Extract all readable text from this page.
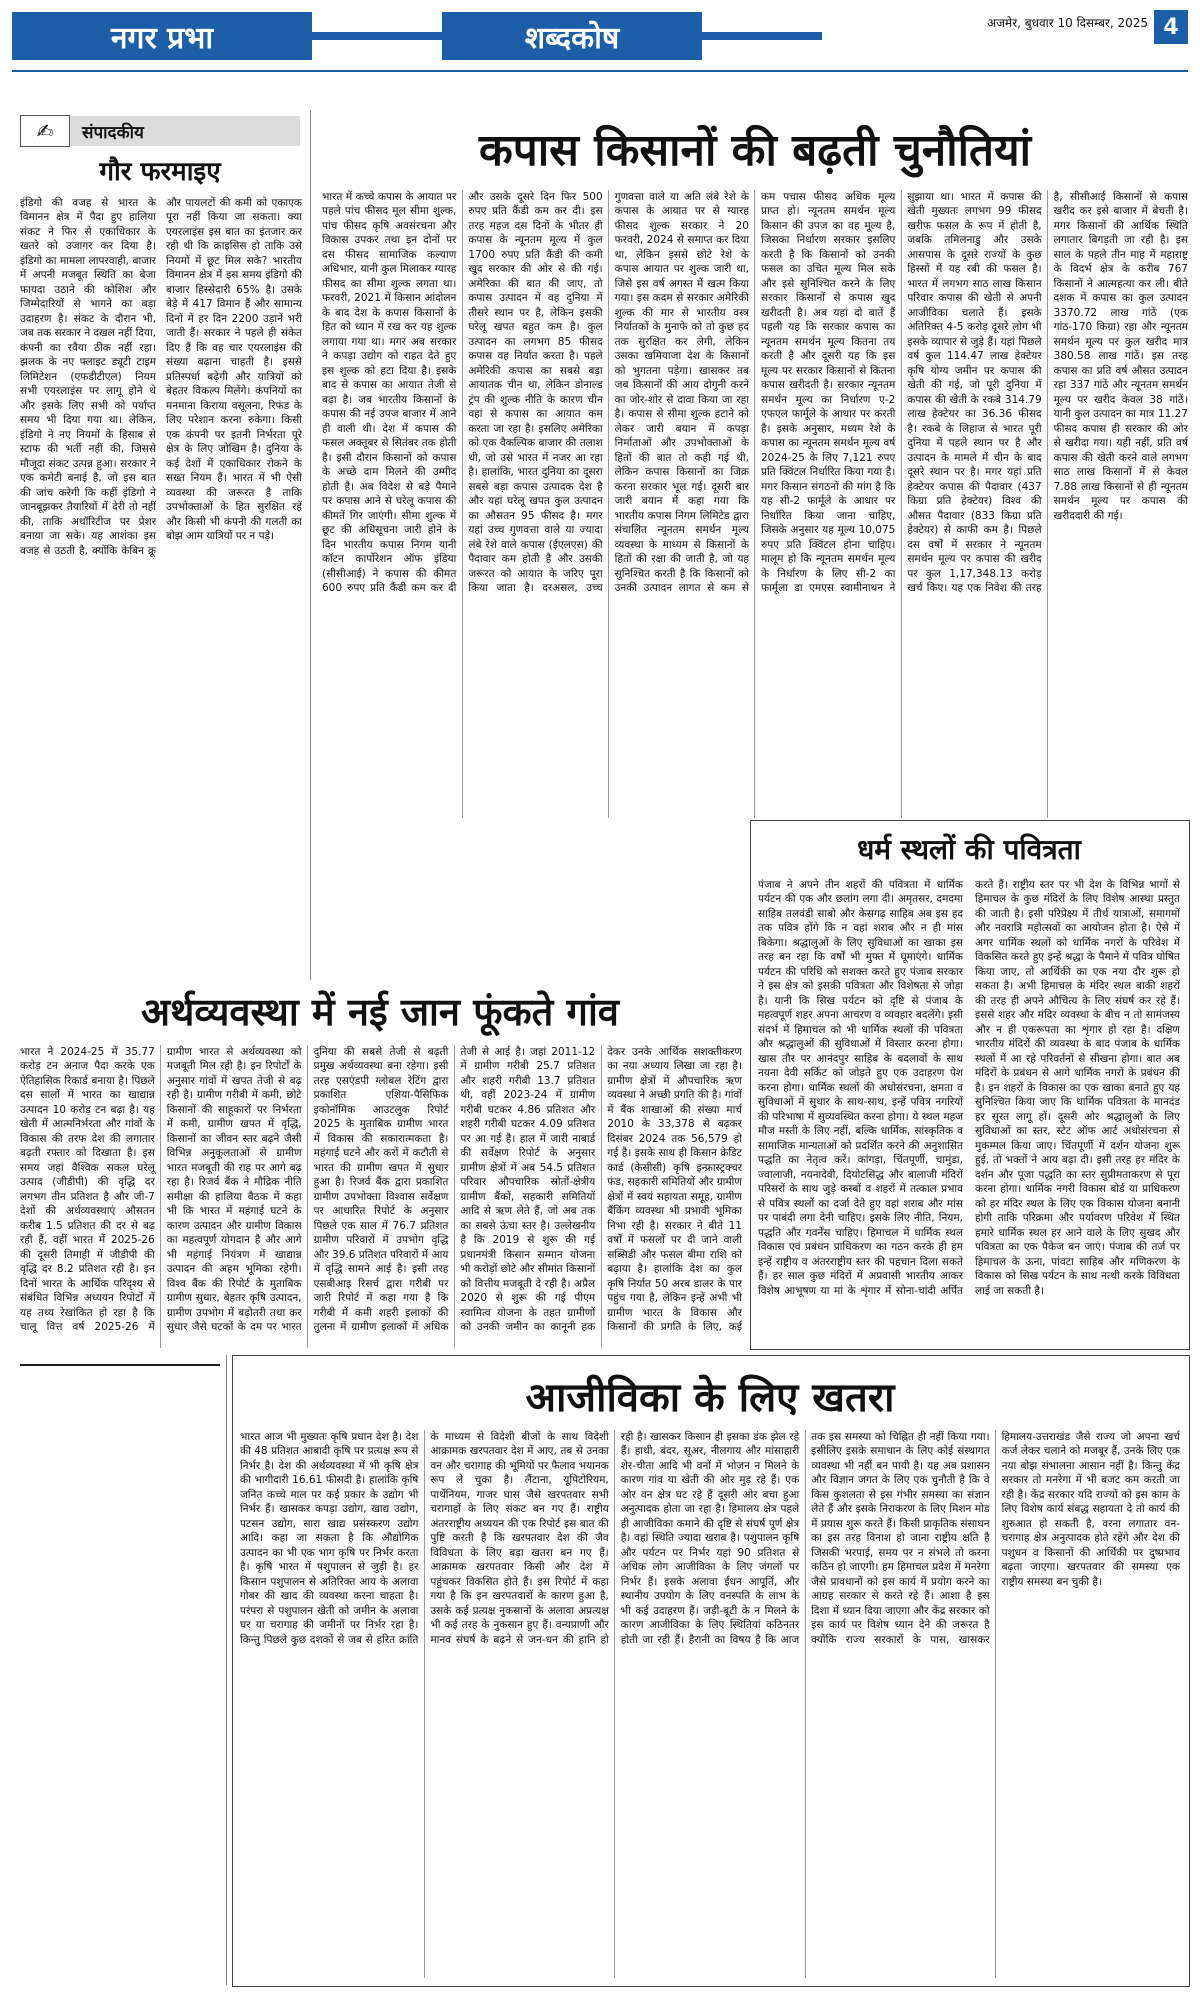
नगर प्रभा	शब्दकोष	अजमेर, बुधवार 10 दिसम्बर, 2025 4
✍	संपादकीय
गौर फरमाइए

इंडिगो की वजह से भारत के विमानन क्षेत्र में पैदा हुए हालिया संकट ने फिर से एकाधिकार के खतरे को उजागर कर दिया है। इंडिगो का मामला लापरवाही, बाजार में अपनी मजबूत स्थिति का बेजा फायदा उठाने की कोशिश और जिम्मेदारियों से भागने का बड़ा उदाहरण है। संकट के दौरान भी, जब तक सरकार ने दखल नहीं दिया, कंपनी का रवैया ठीक नहीं रहा। झलक के नए फ्लाइट ड्यूटी टाइम लिमिटेशन (एफडीटीएल) नियम सभी एयरलाइंस पर लागू होने थे और इसके लिए सभी को पर्याप्त समय भी दिया गया था। लेकिन, इंडिगो ने नए नियमों के हिसाब से स्टाफ की भर्ती नहीं की, जिससे मौजूदा संकट उत्पन्न हुआ। सरकार ने एक कमेटी बनाई है, जो इस बात की जांच करेगी कि कहीं इंडिगो ने जानबूझकर तैयारियों में देरी तो नहीं की, ताकि अथॉरिटीज पर प्रेशर बनाया जा सके। यह आशंका इस वजह से उठती है, क्योंकि केबिन क्रू और पायलटों की कमी को एकाएक पूरा नहीं किया जा सकता। क्या एयरलाइंस इस बात का इंतजार कर रही थी कि क्राइसिस हो ताकि उसे नियमों में छूट मिल सके? भारतीय विमानन क्षेत्र में इस समय इंडिगो की बाजार हिस्सेदारी 65% है। उसके बेड़े में 417 विमान हैं और सामान्य दिनों में हर दिन 2200 उड़ानें भरी जाती हैं। सरकार ने पहले ही संकेत दिए हैं कि वह चार एयरलाइंस की संख्या बढ़ाना चाहती है। इससे प्रतिस्पर्धा बढ़ेगी और यात्रियों को बेहतर विकल्प मिलेंगे। कंपनियों का मनमाना किराया वसूलना, रिफंड के लिए परेशान करना रुकेगा। किसी एक कंपनी पर इतनी निर्भरता पूरे क्षेत्र के लिए जोखिम है। दुनिया के कई देशों में एकाधिकार रोकने के सख्त नियम हैं। भारत में भी ऐसी व्यवस्था की जरूरत है ताकि उपभोक्ताओं के हित सुरक्षित रहें और किसी भी कंपनी की गलती का बोझ आम यात्रियों पर न पड़े।

कपास किसानों की बढ़ती चुनौतियां

भारत में कच्चे कपास के आयात पर पहले पांच फीसद मूल सीमा शुल्क, पांच फीसद कृषि अवसंरचना और विकास उपकर तथा इन दोनों पर दस फीसद सामाजिक कल्याण अधिभार, यानी कुल मिलाकर ग्यारह फीसद का सीमा शुल्क लगता था। फरवरी, 2021 में किसान आंदोलन के बाद देश के कपास किसानों के हित को ध्यान में रख कर यह शुल्क लगाया गया था। मगर अब सरकार ने कपड़ा उद्योग को राहत देते हुए इस शुल्क को हटा दिया है। इसके बाद से कपास का आयात तेजी से बढ़ा है। जब भारतीय किसानों के कपास की नई उपज बाजार में आने ही वाली थी। देश में कपास की फसल अक्तूबर से सितंबर तक होती है। इसी दौरान किसानों को कपास के अच्छे दाम मिलने की उम्मीद होती है। अब विदेश से बड़े पैमाने पर कपास आने से घरेलू कपास की कीमतें गिर जाएंगी। सीमा शुल्क में छूट की अधिसूचना जारी होने के दिन भारतीय कपास निगम यानी कॉटन कार्पोरेशन ऑफ इंडिया (सीसीआई) ने कपास की कीमत 600 रुपए प्रति कैंडी कम कर दी और उसके दूसरे दिन फिर 500 रुपए प्रति कैंडी कम कर दी। इस तरह महज दस दिनों के भीतर ही कपास के न्यूनतम मूल्य में कुल 1700 रुपए प्रति कैंडी की कमी खुद सरकार की ओर से की गई। अमेरिका की बात की जाए, तो कपास उत्पादन में वह दुनिया में तीसरे स्थान पर है, लेकिन इसकी घरेलू खपत बहुत कम है। कुल उत्पादन का लगभग 85 फीसद कपास वह निर्यात करता है। पहले अमेरिकी कपास का सबसे बड़ा आयातक चीन था, लेकिन डोनाल्ड ट्रंप की शुल्क नीति के कारण चीन वहां से कपास का आयात कम करता जा रहा है। इसलिए अमेरिका को एक वैकल्पिक बाजार की तलाश थी, जो उसे भारत में नजर आ रहा है। हालांकि, भारत दुनिया का दूसरा सबसे बड़ा कपास उत्पादक देश है और यहां घरेलू खपत कुल उत्पादन का औसतन 95 फीसद है। मगर यहां उच्च गुणवत्ता वाले या ज्यादा लंबे रेशे वाले कपास (ईएलएस) की पैदावार कम होती है और उसकी जरूरत को आयात के जरिए पूरा किया जाता है। दरअसल, उच्च गुणवत्ता वाले या अति लंबे रेशे के कपास के आयात पर से ग्यारह फीसद शुल्क सरकार ने 20 फरवरी, 2024 से समाप्त कर दिया था, लेकिन इससे छोटे रेशे के कपास आयात पर शुल्क जारी था, जिसे इस वर्ष अगस्त में खत्म किया गया। इस कदम से सरकार अमेरिकी शुल्क की मार से भारतीय वस्त्र निर्यातकों के मुनाफे को तो कुछ हद तक सुरक्षित कर लेगी, लेकिन उसका खमियाजा देश के किसानों को भुगतना पड़ेगा। खासकर तब जब किसानों की आय दोगुनी करने का जोर-शोर से दावा किया जा रहा है। कपास से सीमा शुल्क हटाने को लेकर जारी बयान में कपड़ा निर्माताओं और उपभोक्ताओं के हितों की बात तो कही गई थी, लेकिन कपास किसानों का जिक्र करना सरकार भूल गई। दूसरी बार जारी बयान में कहा गया कि भारतीय कपास निगम लिमिटेड द्वारा संचालित न्यूनतम समर्थन मूल्य व्यवस्था के माध्यम से किसानों के हितों की रक्षा की जाती है, जो यह सुनिश्चित करती है कि किसानों को उनकी उत्पादन लागत से कम से कम पचास फीसद अधिक मूल्य प्राप्त हो। न्यूनतम समर्थन मूल्य किसान की उपज का वह मूल्य है, जिसका निर्धारण सरकार इसलिए करती है कि किसानों को उनकी फसल का उचित मूल्य मिल सके और इसे सुनिश्चित करने के लिए सरकार किसानों से कपास खुद खरीदती है। अब यहां दो बातें हैं पहली यह कि सरकार कपास का न्यूनतम समर्थन मूल्य कितना तय करती है और दूसरी यह कि इस मूल्य पर सरकार किसानों से कितना कपास खरीदती है। सरकार न्यूनतम समर्थन मूल्य का निर्धारण ए-2 एफएल फार्मूले के आधार पर करती है। इसके अनुसार, मध्यम रेशे के कपास का न्यूनतम समर्थन मूल्य वर्ष 2024-25 के लिए 7,121 रुपए प्रति क्विंटल निर्धारित किया गया है। मगर किसान संगठनों की मांग है कि यह सी-2 फार्मूले के आधार पर निर्धारित किया जाना चाहिए, जिसके अनुसार यह मूल्य 10,075 रुपए प्रति क्विंटल होना चाहिए। मालूम हो कि न्यूनतम समर्थन मूल्य के निर्धारण के लिए सी-2 का फार्मूला डा एमएस स्वामीनाथन ने सुझाया था। भारत में कपास की खेती मुख्यतः लगभग 99 फीसद खरीफ फसल के रूप में होती है, जबकि तमिलनाडु और उसके आसपास के दूसरे राज्यों के कुछ हिस्सों में यह रबी की फसल है। भारत में लगभग साठ लाख किसान परिवार कपास की खेती से अपनी आजीविका चलाते हैं। इसके अतिरिक्त 4-5 करोड़ दूसरे लोग भी इसके व्यापार से जुड़े हैं। यहां पिछले वर्ष कुल 114.47 लाख हेक्टेयर कृषि योग्य जमीन पर कपास की खेती की गई, जो पूरी दुनिया में कपास की खेती के रकबे 314.79 लाख हेक्टेयर का 36.36 फीसद है। रकबे के लिहाज से भारत पूरी दुनिया में पहले स्थान पर है और उत्पादन के मामले में चीन के बाद दूसरे स्थान पर है। मगर यहां प्रति हेक्टेयर कपास की पैदावार (437 किग्रा प्रति हेक्टेयर) विश्व की औसत पैदावार (833 किग्रा प्रति हेक्टेयर) से काफी कम है। पिछले दस वर्षों में सरकार ने न्यूनतम समर्थन मूल्य पर कपास की खरीद पर कुल 1,17,348.13 करोड़ खर्च किए। यह एक निवेश की तरह है, सीसीआई किसानों से कपास खरीद कर इसे बाजार में बेचती है। मगर किसानों की आर्थिक स्थिति लगातार बिगड़ती जा रही है। इस साल के पहले तीन माह में महाराष्ट्र के विदर्भ क्षेत्र के करीब 767 किसानों ने आत्महत्या कर ली। बीते दशक में कपास का कुल उत्पादन 3370.72 लाख गांठें (एक गांठ-170 किग्रा) रहा और न्यूनतम समर्थन मूल्य पर कुल खरीद मात्र 380.58 लाख गांठें। इस तरह कपास का प्रति वर्ष औसत उत्पादन रहा 337 गांठें और न्यूनतम समर्थन मूल्य पर खरीद केवल 38 गांठें। यानी कुल उत्पादन का मात्र 11.27 फीसद कपास ही सरकार की ओर से खरीदा गया। यही नहीं, प्रति वर्ष कपास की खेती करने वाले लगभग साठ लाख किसानों में से केवल 7.88 लाख किसानों से ही न्यूनतम समर्थन मूल्य पर कपास की खरीददारी की गई।

धर्म स्थलों की पवित्रता

पंजाब ने अपने तीन शहरों की पवित्रता में धार्मिक पर्यटन की एक और छलांग लगा दी। अमृतसर, दमदमा साहिब तलवंडी साबो और केसगढ़ साहिब अब इस हद तक पवित्र होंगे कि न वहां शराब और न ही मांस बिकेगा। श्रद्धालुओं के लिए सुविधाओं का खाका इस तरह बन रहा कि वर्षों भी मुफ्त में घूमाएंगे। धार्मिक पर्यटन की परिधि को सशक्त करते हुए पंजाब सरकार ने इस क्षेत्र को इसकी पवित्रता और विशेषता से जोड़ा है। यानी कि सिख पर्यटन को दृष्टि से पंजाब के महत्वपूर्ण शहर अपना आचरण व व्यवहार बदलेंगे। इसी संदर्भ में हिमाचल को भी धार्मिक स्थलों की पवित्रता और श्रद्धालुओं की सुविधाओं में विस्तार करना होगा। खास तौर पर आनंदपुर साहिब के बदलावों के साथ नयना देवी सर्किट को जोड़ते हुए एक उदाहरण पेश करना होगा। धार्मिक स्थलों की अधोसंरचना, क्षमता व सुविधाओं में सुधार के साथ-साथ, इन्हें पवित्र नगरियों की परिभाषा में सुव्यवस्थित करना होगा। ये स्थल महज मौज मस्ती के लिए नहीं, बल्कि धार्मिक, सांस्कृतिक व सामाजिक मान्यताओं को प्रदर्शित करने की अनुशासित पद्धति का नेतृत्व करें। कांगड़ा, चिंतपूर्णी, चामुंडा, ज्वालाजी, नयनादेवी, दियोटसिद्ध और बालाजी मंदिरों परिसरों के साथ जुड़े कस्बों व शहरों में तत्काल प्रभाव से पवित्र स्थलों का दर्जा देते हुए वहां शराब और मांस पर पाबंदी लगा देनी चाहिए। इसके लिए नीति, नियम, पद्धति और गवर्नेंस चाहिए। हिमाचल में धार्मिक स्थल विकास एवं प्रबंधन प्राधिकरण का गठन करके ही हम इन्हें राष्ट्रीय व अंतरराष्ट्रीय स्तर की पहचान दिला सकते हैं। हर साल कुछ मंदिरों में अप्रवासी भारतीय आकर विशेष आभूषण या मां के शृंगार में सोना-चांदी अर्पित करते हैं। राष्ट्रीय स्तर पर भी देश के विभिन्न भागों से हिमाचल के कुछ मंदिरों के लिए विशेष आस्था प्रस्तुत की जाती है। इसी परिप्रेक्ष्य में तीर्थ यात्राओं, समागमों और नवरात्रि महोत्सवों का आयोजन होता है। ऐसे में अगर धार्मिक स्थलों को धार्मिक नगरों के परिवेश में विकसित करते हुए इन्हें श्रद्धा के पैमाने में पवित्र घोषित किया जाए, तो आर्थिकी का एक नया दौर शुरू हो सकता है। अभी हिमाचल के मंदिर स्थल बाकी शहरों की तरह ही अपने औचित्य के लिए संघर्ष कर रहे हैं। इससे शहर और मंदिर व्यवस्था के बीच न तो सामंजस्य और न ही एकरूपता का शृंगार हो रहा है। दक्षिण भारतीय मंदिरों की व्यवस्था के बाद पंजाब के धार्मिक स्थलों में आ रहे परिवर्तनों से सीखना होगा। बात अब मंदिरों के प्रबंधन से आगे धार्मिक नगरों के प्रबंधन की है। इन शहरों के विकास का एक खाका बनाते हुए यह सुनिश्चित किया जाए कि धार्मिक पवित्रता के मानदंड हर सूरत लागू हों। दूसरी ओर श्रद्धालुओं के लिए सुविधाओं का स्तर, स्टेट ऑफ आर्ट अधोसंरचना से मुकम्मल किया जाए। चिंतपूर्णी में दर्शन योजना शुरू हुई, तो भक्तों ने आय बढ़ा दी। इसी तरह हर मंदिर के दर्शन और पूजा पद्धति का स्तर सुप्रीमताकरण से पूरा करना होगा। धार्मिक नगरी विकास बोर्ड या प्राधिकरण को हर मंदिर स्थल के लिए एक विकास योजना बनानी होगी ताकि परिक्रमा और पर्यावरण परिवेश में स्थित हमारे धार्मिक स्थल हर आने वाले के लिए सुखद और पवित्रता का एक पैकेज बन जाएं। पंजाब की तर्ज पर हिमाचल के ऊना, पांवटा साहिब और मणिकरण के विकास को सिख पर्यटन के साथ नत्थी करके विविधता लाई जा सकती है।

अर्थव्यवस्था में नई जान फूंकते गांव

भारत ने 2024-25 में 35.77 करोड़ टन अनाज पैदा करके एक ऐतिहासिक रिकार्ड बनाया है। पिछले दस सालों में भारत का खाद्यान्न उत्पादन 10 करोड़ टन बढ़ा है। यह खेती में आत्मनिर्भरता और गांवों के विकास की तरफ देश की लगातार बढ़ती रफ्तार को दिखाता है। इस समय जहां वैश्विक सकल घरेलू उत्पाद (जीडीपी) की वृद्धि दर लगभग तीन प्रतिशत है और जी-7 देशों की अर्थव्यवस्थाएं औसतन करीब 1.5 प्रतिशत की दर से बढ़ रही हैं, वहीं भारत में 2025-26 की दूसरी तिमाही में जीडीपी की वृद्धि दर 8.2 प्रतिशत रही है। इन दिनों भारत के आर्थिक परिदृश्य से संबंधित विभिन्न अध्ययन रिपोर्टों में यह तथ्य रेखांकित हो रहा है कि चालू वित्त वर्ष 2025-26 में ग्रामीण भारत से अर्थव्यवस्था को मजबूती मिल रही है। इन रिपोर्टों के अनुसार गांवों में खपत तेजी से बढ़ रही है। ग्रामीण गरीबी में कमी, छोटे किसानों की साहूकारों पर निर्भरता में कमी, ग्रामीण खपत में वृद्धि, किसानों का जीवन स्तर बढ़ने जैसी विभिन्न अनुकूलताओं से ग्रामीण भारत मजबूती की राह पर आगे बढ़ रहा है। रिजर्व बैंक ने मौद्रिक नीति समीक्षा की हालिया बैठक में कहा भी कि भारत में महंगाई घटने के कारण उत्पादन और ग्रामीण विकास का महत्वपूर्ण योगदान है और आगे भी महंगाई नियंत्रण में खाद्यान्न उत्पादन की अहम भूमिका रहेगी। विश्व बैंक की रिपोर्ट के मुताबिक ग्रामीण सुधार, बेहतर कृषि उत्पादन, ग्रामीण उपभोग में बढ़ोतरी तथा कर सुधार जैसे घटकों के दम पर भारत दुनिया की सबसे तेजी से बढ़ती प्रमुख अर्थव्यवस्था बना रहेगा। इसी तरह एसएंडपी ग्लोबल रेटिंग द्वारा प्रकाशित एशिया-पैसिफिक इकोनॉमिक आउटलुक रिपोर्ट 2025 के मुताबिक ग्रामीण भारत में विकास की सकारात्मकता है। महंगाई घटने और करों में कटौती से भारत की ग्रामीण खपत में सुधार हुआ है। रिजर्व बैंक द्वारा प्रकाशित ग्रामीण उपभोक्ता विश्वास सर्वेक्षण पर आधारित रिपोर्ट के अनुसार पिछले एक साल में 76.7 प्रतिशत ग्रामीण परिवारों में उपभोग वृद्धि और 39.6 प्रतिशत परिवारों में आय में वृद्धि सामने आई है। इसी तरह एसबीआइ रिसर्च द्वारा गरीबी पर जारी रिपोर्ट में कहा गया है कि गरीबी में कमी शहरी इलाकों की तुलना में ग्रामीण इलाकों में अधिक तेजी से आई है। जहां 2011-12 में ग्रामीण गरीबी 25.7 प्रतिशत और शहरी गरीबी 13.7 प्रतिशत थी, वहीं 2023-24 में ग्रामीण गरीबी घटकर 4.86 प्रतिशत और शहरी गरीबी घटकर 4.09 प्रतिशत पर आ गई है। हाल में जारी नाबार्ड की सर्वेक्षण रिपोर्ट के अनुसार ग्रामीण क्षेत्रों में अब 54.5 प्रतिशत परिवार औपचारिक स्रोतों-क्षेत्रीय ग्रामीण बैंकों, सहकारी समितियों आदि से ऋण लेते हैं, जो अब तक का सबसे ऊंचा स्तर है। उल्लेखनीय है कि 2019 से शुरू की गई प्रधानमंत्री किसान सम्मान योजना भी करोड़ों छोटे और सीमांत किसानों को वित्तीय मजबूती दे रही है। अप्रैल 2020 से शुरू की गई पीएम स्वामित्व योजना के तहत ग्रामीणों को उनकी जमीन का कानूनी हक देकर उनके आर्थिक सशक्तीकरण का नया अध्याय लिखा जा रहा है। ग्रामीण क्षेत्रों में औपचारिक ऋण व्यवस्था ने अच्छी प्रगति की है। गांवों में बैंक शाखाओं की संख्या मार्च 2010 के 33,378 से बढ़कर दिसंबर 2024 तक 56,579 हो गई है। इसके साथ ही किसान क्रेडिट कार्ड (केसीसी) कृषि इन्फ्रास्ट्रक्चर फंड, सहकारी समितियों और ग्रामीण क्षेत्रों में स्वयं सहायता समूह, ग्रामीण बैंकिंग व्यवस्था भी प्रभावी भूमिका निभा रही है। सरकार ने बीते 11 वर्षों में फसलों पर दी जाने वाली सब्सिडी और फसल बीमा राशि को बढ़ाया है। हालांकि देश का कुल कृषि निर्यात 50 अरब डालर के पार पहुंच गया है, लेकिन इन्हें अभी भी ग्रामीण भारत के विकास और किसानों की प्रगति के लिए, कई

आजीविका के लिए खतरा

भारत आज भी मुख्यतः कृषि प्रधान देश है। देश की 48 प्रतिशत आबादी कृषि पर प्रत्यक्ष रूप से निर्भर है। देश की अर्थव्यवस्था में भी कृषि क्षेत्र की भागीदारी 16.61 फीसदी है। हालांकि कृषि जनित कच्चे माल पर कई प्रकार के उद्योग भी निर्भर हैं। खासकर कपड़ा उद्योग, खाद्य उद्योग, पटसन उद्योग, सारा खाद्य प्रसंस्करण उद्योग आदि। कहा जा सकता है कि औद्योगिक उत्पादन का भी एक भाग कृषि पर निर्भर करता है। कृषि भारत में पशुपालन से जुड़ी है। हर किसान पशुपालन से अतिरिक्त आय के अलावा गोबर की खाद की व्यवस्था करना चाहता है। परंपरा से पशुपालन खेती को जमीन के अलावा घर या चरागाह की जमीनों पर निर्भर रहा है। किन्तु पिछले कुछ दशकों से जब से हरित क्रांति के माध्यम से विदेशी बीजों के साथ विदेशी आक्रामक खरपतवार देश में आए, तब से उनका वन और चरागाह की भूमियों पर फैलाव भयानक रूप ले चुका है। लैंटाना, यूपिटोरियम, पार्थेनियम, गाजर घास जैसे खरपतवार सभी चरागाहों के लिए संकट बन गए हैं। राष्ट्रीय अंतरराष्ट्रीय अध्ययन की एक रिपोर्ट इस बात की पुष्टि करती है कि खरपतवार देश की जैव विविधता के लिए बड़ा खतरा बन गए हैं। आक्रामक खरपतवार किसी और देश में पहुंचकर विकसित होते हैं। इस रिपोर्ट में कहा गया है कि इन खरपतवारों के कारण हुआ है, उसके कई प्रत्यक्ष नुकसानों के अलावा अप्रत्यक्ष भी कई तरह के नुकसान हुए हैं। वन्यप्राणी और मानव संघर्ष के बढ़ने से जन-धन की हानि हो रही है। खासकर किसान ही इसका डंक झेल रहे हैं। हाथी, बंदर, सूअर, नीलगाय और मांसाहारी शेर-चीता आदि भी वनों में भोजन न मिलने के कारण गांव या खेती की ओर मुड़ रहे हैं। एक ओर वन क्षेत्र घट रहे हैं दूसरी ओर बचा हुआ अनुत्पादक होता जा रहा है। हिमालय क्षेत्र पहले ही आजीविका कमाने की दृष्टि से संघर्ष पूर्ण क्षेत्र है। वहां स्थिति ज्यादा खराब है। पशुपालन कृषि और पर्यटन पर निर्भर यहां 90 प्रतिशत से अधिक लोग आजीविका के लिए जंगलों पर निर्भर हैं। इसके अलावा ईंधन आपूर्ति, और स्थानीय उपयोग के लिए वनस्पति के लाभ के भी कई उदाहरण हैं। जड़ी-बूटी के न मिलने के कारण आजीविका के लिए स्थितियां कठिनतर होती जा रही हैं। हैरानी का विषय है कि आज तक इस समस्या को चिह्नित ही नहीं किया गया। इसीलिए इसके समाधान के लिए कोई संस्थागत व्यवस्था भी नहीं बन पायी है। यह अब प्रशासन और विज्ञान जगत के लिए एक चुनौती है कि वे किस कुशलता से इस गंभीर समस्या का संज्ञान लेते हैं और इसके निराकरण के लिए मिशन मोड में प्रयास शुरू करते हैं। किसी प्राकृतिक संसाधन का इस तरह विनाश हो जाना राष्ट्रीय क्षति है जिसकी भरपाई, समय पर न संभले तो करना कठिन हो जाएगी। हम हिमाचल प्रदेश में मनरेगा जैसे प्रावधानों को इस कार्य में प्रयोग करने का आग्रह सरकार से करते रहे हैं। आशा है इस दिशा में ध्यान दिया जाएगा और केंद्र सरकार को इस कार्य पर विशेष ध्यान देने की जरूरत है क्योंकि राज्य सरकारों के पास, खासकर हिमालय-उत्तराखंड जैसे राज्य जो अपना खर्च कर्ज लेकर चलाने को मजबूर हैं, उनके लिए एक नया बोझ संभालना आसान नहीं है। किन्तु केंद्र सरकार तो मनरेगा में भी बजट कम करती जा रही है। केंद्र सरकार यदि राज्यों को इस काम के लिए विशेष कार्य संबद्ध सहायता दे तो कार्य की शुरुआत हो सकती है, वरना लगातार वन-चरागाह क्षेत्र अनुत्पादक होते रहेंगे और देश की पशुधन व किसानों की आर्थिकी पर दुष्प्रभाव बढ़ता जाएगा। खरपतवार की समस्या एक राष्ट्रीय समस्या बन चुकी है।
